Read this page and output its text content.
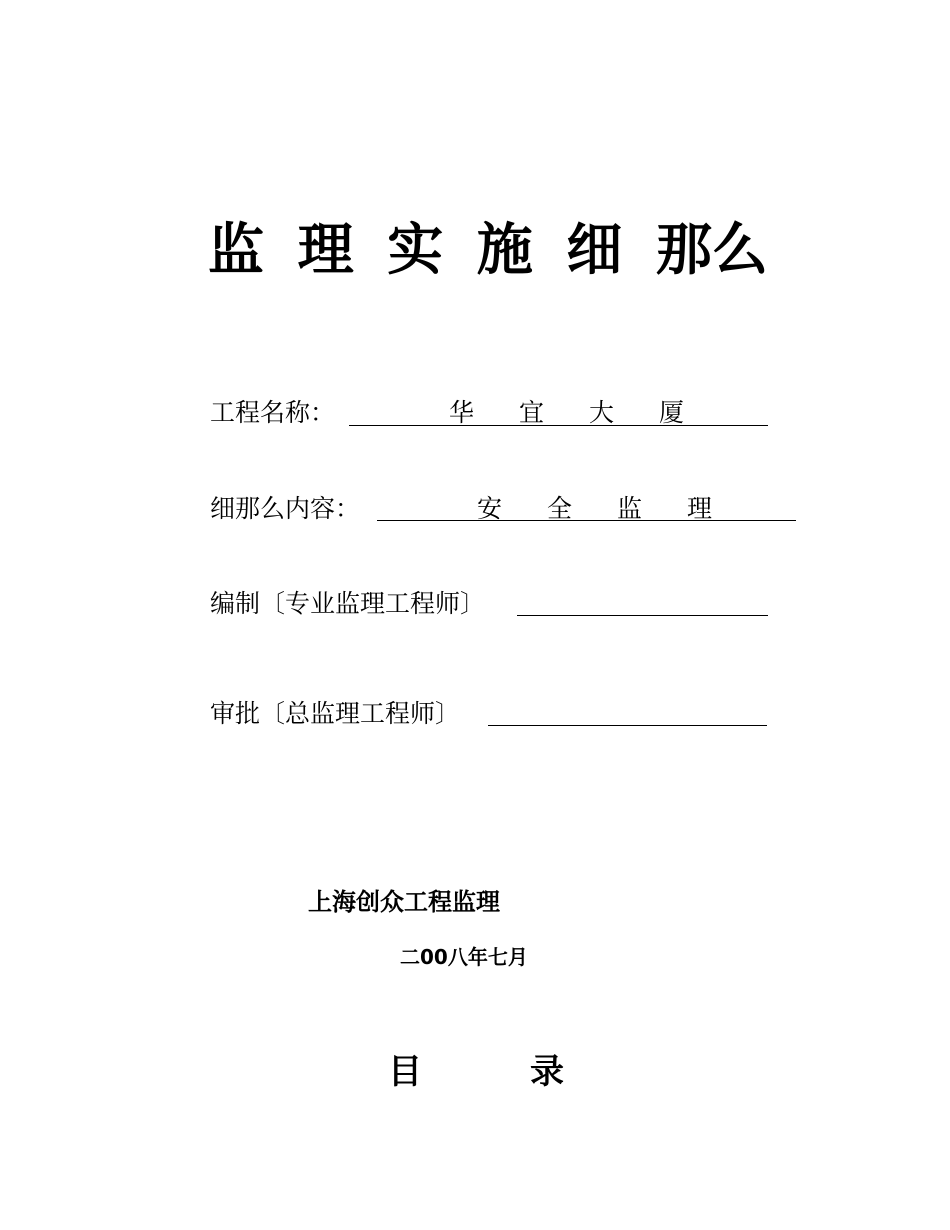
监 理 实 施 细 那么
工程名称：	华 宜 大 厦
细那么内容：	安 全 监 理
编制〔专业监理工程师〕
审批〔总监理工程师〕
上海创众工程监理
二00八年七月
目	录
